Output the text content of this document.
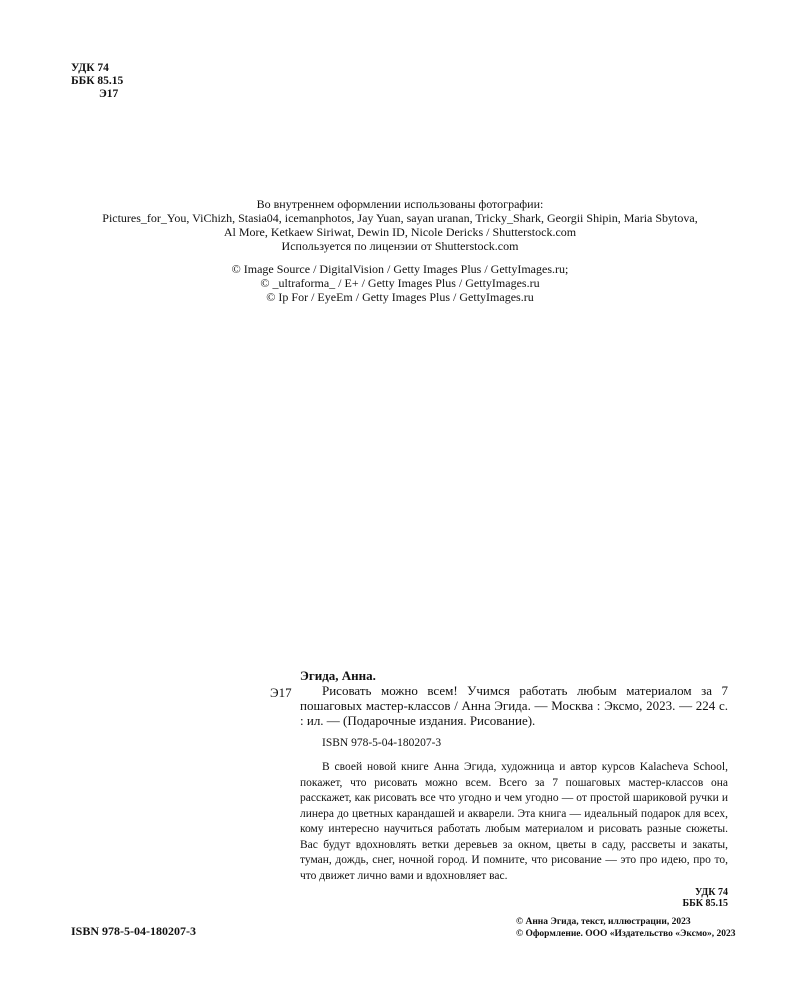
УДК 74
ББК 85.15
Э17
Во внутреннем оформлении использованы фотографии:
Pictures_for_You, ViChizh, Stasia04, icemanphotos, Jay Yuan, sayan uranan, Tricky_Shark, Georgii Shipin, Maria Sbytova,
Al More, Ketkaew Siriwat, Dewin ID, Nicole Dericks / Shutterstock.com
Используется по лицензии от Shutterstock.com
© Image Source / DigitalVision / Getty Images Plus / GettyImages.ru;
© _ultraforma_ / E+ / Getty Images Plus / GettyImages.ru
© Ip For / EyeEm / Getty Images Plus / GettyImages.ru
Э17
Эгида, Анна.

Рисовать можно всем! Учимся работать любым материалом за 7 пошаговых мастер-классов / Анна Эгида. — Москва : Эксмо, 2023. — 224 с. : ил. — (Подарочные издания. Рисование).

ISBN 978-5-04-180207-3
В своей новой книге Анна Эгида, художница и автор курсов Kalacheva School, покажет, что рисовать можно всем. Всего за 7 пошаговых мастер-классов она расскажет, как рисовать все что угодно и чем угодно — от простой шариковой ручки и линера до цветных карандашей и акварели. Эта книга — идеальный подарок для всех, кому интересно научиться работать любым материалом и рисовать разные сюжеты. Вас будут вдохновлять ветки деревьев за окном, цветы в саду, рассветы и закаты, туман, дождь, снег, ночной город. И помните, что рисование — это про идею, про то, что движет лично вами и вдохновляет вас.
УДК 74
ББК 85.15
ISBN 978-5-04-180207-3
© Анна Эгида, текст, иллюстрации, 2023
© Оформление. ООО «Издательство «Эксмо», 2023
